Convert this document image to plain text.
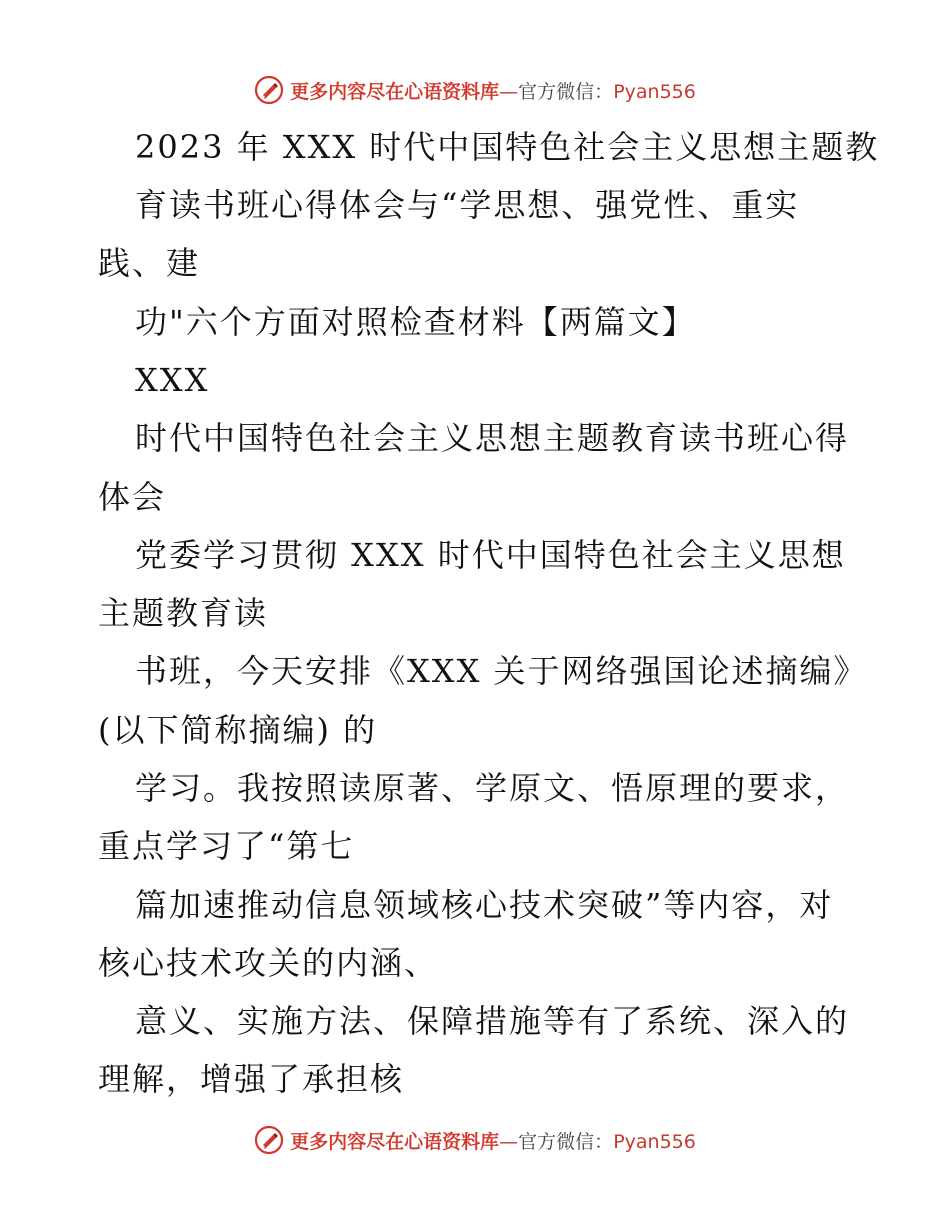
更多内容尽在心语资料库—官方微信：Pyan556
2023 年 XXX 时代中国特色社会主义思想主题教
育读书班心得体会与“学思想、强党性、重实
践、建
功"六个方面对照检查材料【两篇文】
XXX
时代中国特色社会主义思想主题教育读书班心得
体会
党委学习贯彻 XXX 时代中国特色社会主义思想
主题教育读
书班，今天安排《XXX 关于网络强国论述摘编》
(以下简称摘编) 的
学习。我按照读原著、学原文、悟原理的要求，
重点学习了“第七
篇加速推动信息领域核心技术突破”等内容，对
核心技术攻关的内涵、
意义、实施方法、保障措施等有了系统、深入的
理解，增强了承担核
更多内容尽在心语资料库—官方微信：Pyan556
